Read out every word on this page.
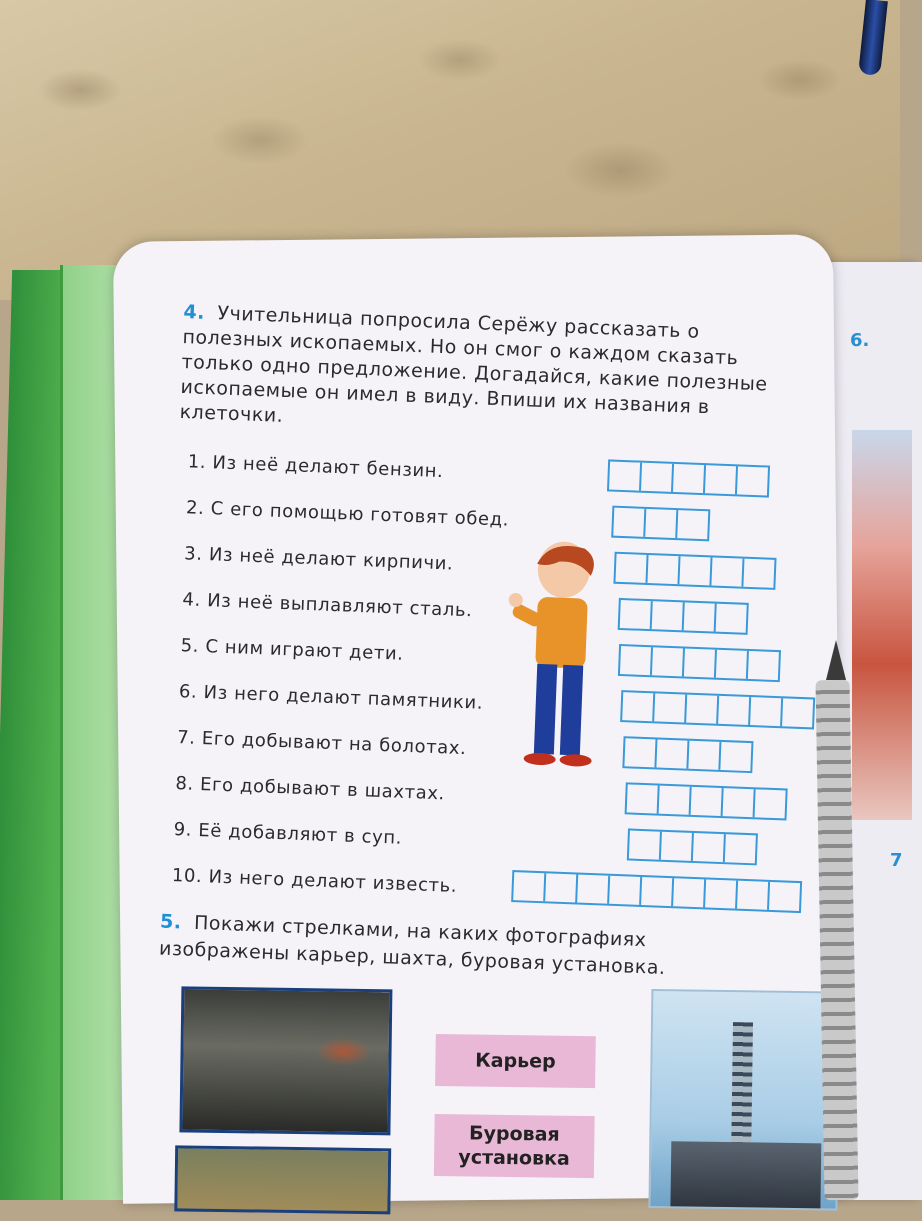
6.
7
4. Учительница попросила Серёжу рассказать о полезных ископаемых. Но он смог о каждом сказать только одно предложение. Догадайся, какие полезные ископаемые он имел в виду. Впиши их названия в клеточки.
1. Из неё делают бензин.
2. С его помощью готовят обед.
3. Из неё делают кирпичи.
4. Из неё выплавляют сталь.
5. С ним играют дети.
6. Из него делают памятники.
7. Его добывают на болотах.
8. Его добывают в шахтах.
9. Её добавляют в суп.
10. Из него делают известь.
5. Покажи стрелками, на каких фотографиях изображены карьер, шахта, буровая установка.
Карьер
Буровая
установка
